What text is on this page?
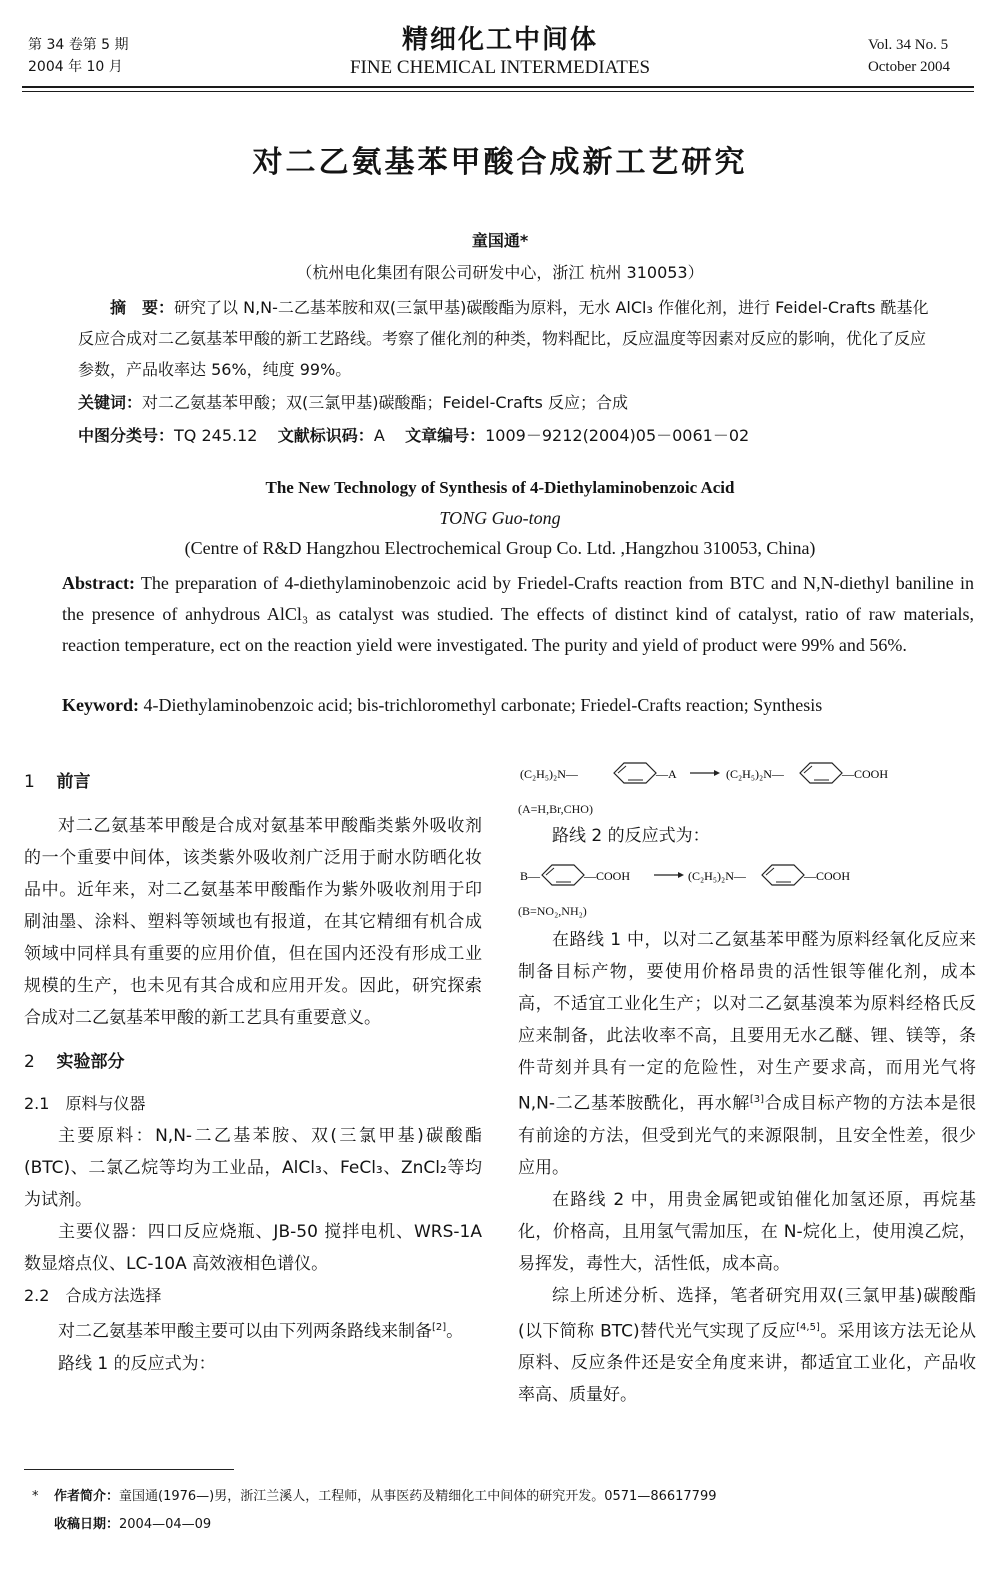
第 34 卷第 5 期
2004 年 10 月
精细化工中间体
FINE CHEMICAL INTERMEDIATES
Vol. 34 No. 5
October 2004
对二乙氨基苯甲酸合成新工艺研究
童国通*
（杭州电化集团有限公司研发中心，浙江 杭州 310053）

摘　要：研究了以 N,N-二乙基苯胺和双(三氯甲基)碳酸酯为原料，无水 AlCl₃ 作催化剂，进行 Feidel-Crafts 酰基化反应合成对二乙氨基苯甲酸的新工艺路线。考察了催化剂的种类，物料配比，反应温度等因素对反应的影响，优化了反应参数，产品收率达 56%，纯度 99%。

关键词：对二乙氨基苯甲酸；双(三氯甲基)碳酸酯；Feidel-Crafts 反应；合成

中图分类号：TQ 245.12 文献标识码：A 文章编号：1009－9212(2004)05－0061－02

The New Technology of Synthesis of 4-Diethylaminobenzoic Acid
TONG Guo-tong
(Centre of R&D Hangzhou Electrochemical Group Co. Ltd. ,Hangzhou 310053, China)
Abstract: The preparation of 4-diethylaminobenzoic acid by Friedel-Crafts reaction from BTC and N,N-diethyl baniline in the presence of anhydrous AlCl₃ as catalyst was studied. The effects of distinct kind of catalyst, ratio of raw materials, reaction temperature, ect on the reaction yield were investigated. The purity and yield of product were 99% and 56%.
Keyword: 4-Diethylaminobenzoic acid; bis-trichloromethyl carbonate; Friedel-Crafts reaction; Synthesis
1 前言

对二乙氨基苯甲酸是合成对氨基苯甲酸酯类紫外吸收剂的一个重要中间体，该类紫外吸收剂广泛用于耐水防晒化妆品中。近年来，对二乙氨基苯甲酸酯作为紫外吸收剂用于印刷油墨、涂料、塑料等领域也有报道，在其它精细有机合成领域中同样具有重要的应用价值，但在国内还没有形成工业规模的生产，也未见有其合成和应用开发。因此，研究探索合成对二乙氨基苯甲酸的新工艺具有重要意义。

2 实验部分
2.1　原料与仪器

主要原料：N,N-二乙基苯胺、双(三氯甲基)碳酸酯(BTC)、二氯乙烷等均为工业品，AlCl₃、FeCl₃、ZnCl₂等均为试剂。

主要仪器：四口反应烧瓶、JB-50 搅拌电机、WRS-1A 数显熔点仪、LC-10A 高效液相色谱仪。

2.2　合成方法选择

对二乙氨基苯甲酸主要可以由下列两条路线来制备[2]。

路线 1 的反应式为：

(C₂H₅)₂N—	—A	(C₂H₅)₂N—	—COOH
(A=H,Br,CHO)

路线 2 的反应式为：

B—	—COOH	(C₂H₅)₂N—	—COOH
(B=NO₂,NH₂)

在路线 1 中，以对二乙氨基苯甲醛为原料经氧化反应来制备目标产物，要使用价格昂贵的活性银等催化剂，成本高，不适宜工业化生产；以对二乙氨基溴苯为原料经格氏反应来制备，此法收率不高，且要用无水乙醚、锂、镁等，条件苛刻并具有一定的危险性，对生产要求高，而用光气将 N,N-二乙基苯胺酰化，再水解[3]合成目标产物的方法本是很有前途的方法，但受到光气的来源限制，且安全性差，很少应用。

在路线 2 中，用贵金属钯或铂催化加氢还原，再烷基化，价格高，且用氢气需加压，在 N-烷化上，使用溴乙烷，易挥发，毒性大，活性低，成本高。

综上所述分析、选择，笔者研究用双(三氯甲基)碳酸酯(以下简称 BTC)替代光气实现了反应[4,5]。采用该方法无论从原料、反应条件还是安全角度来讲，都适宜工业化，产品收率高、质量好。

* 作者简介：童国通(1976—)男，浙江兰溪人，工程师，从事医药及精细化工中间体的研究开发。0571—86617799
收稿日期：2004—04—09
